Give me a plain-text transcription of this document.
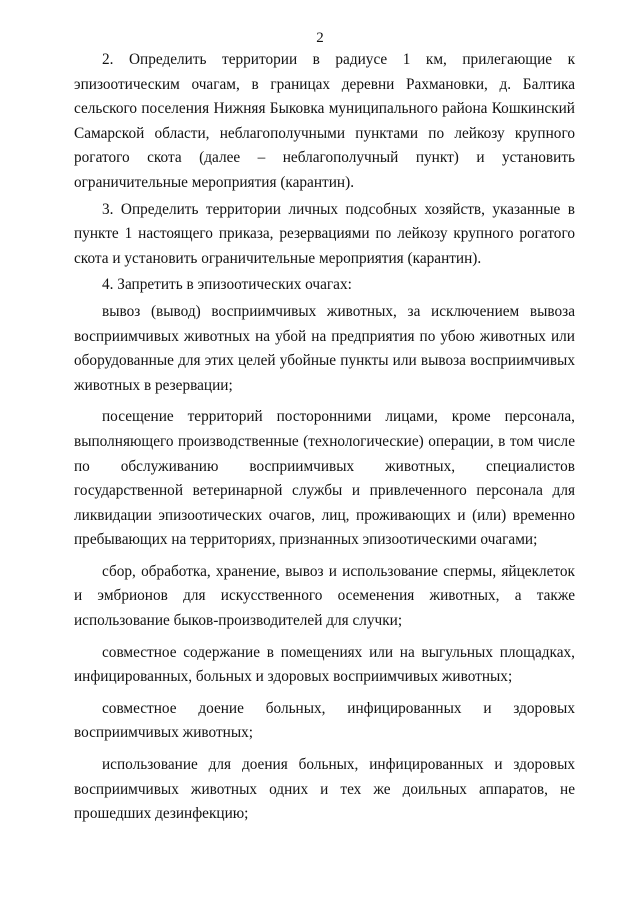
2

2. Определить территории в радиусе 1 км, прилегающие к эпизоотическим очагам, в границах деревни Рахмановки, д. Балтика сельского поселения Нижняя Быковка муниципального района Кошкинский Самарской области, неблагополучными пунктами по лейкозу крупного рогатого скота (далее – неблагополучный пункт) и установить ограничительные мероприятия (карантин).

3. Определить территории личных подсобных хозяйств, указанные в пункте 1 настоящего приказа, резервациями по лейкозу крупного рогатого скота и установить ограничительные мероприятия (карантин).

4. Запретить в эпизоотических очагах:

вывоз (вывод) восприимчивых животных, за исключением вывоза восприимчивых животных на убой на предприятия по убою животных или оборудованные для этих целей убойные пункты или вывоза восприимчивых животных в резервации;

посещение территорий посторонними лицами, кроме персонала, выполняющего производственные (технологические) операции, в том числе по обслуживанию восприимчивых животных, специалистов государственной ветеринарной службы и привлеченного персонала для ликвидации эпизоотических очагов, лиц, проживающих и (или) временно пребывающих на территориях, признанных эпизоотическими очагами;

сбор, обработка, хранение, вывоз и использование спермы, яйцеклеток и эмбрионов для искусственного осеменения животных, а также использование быков-производителей для случки;

совместное содержание в помещениях или на выгульных площадках, инфицированных, больных и здоровых восприимчивых животных;

совместное доение больных, инфицированных и здоровых восприимчивых животных;

использование для доения больных, инфицированных и здоровых восприимчивых животных одних и тех же доильных аппаратов, не прошедших дезинфекцию;
